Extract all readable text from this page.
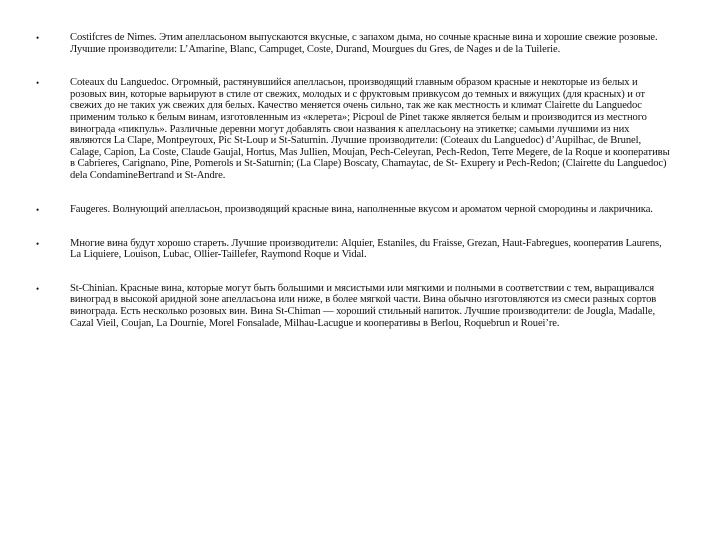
•	Costifcres de Nimes. Этим апелласьоном выпускаются вкусные, с запахом дыма, но сочные красные вина и хорошие свежие розовые. Лучшие производители: L’Amarine, Blanc, Campuget, Coste, Durand, Mourgues du Gres, de Nages и de la Tuilerie.
•	Coteaux du Languedoc. Огромный, растянувшийся апелласьон, производящий главным образом красные и некоторые из белых и розовых вин, которые варьируют в стиле от свежих, молодых и с фруктовым привкусом до темных и вяжущих (для красных) и от свежих до не таких уж свежих для белых. Качество меняется очень сильно, так же как местность и климат Clairette du Languedoc применим только к белым винам, изготовленным из «клерета»; Picpoul de Pinet также является белым и производится из местного винограда «пикпуль». Различные деревни могут добавлять свои названия к апелласьону на этикетке; самыми лучшими из них являются La Clape, Montpeyroux, Pic St-Loup и St-Saturnin. Лучшие производители: (Coteaux du Languedoc) d’Aupilhac, de Brunel, Calage, Capion, La Coste, Claude Gaujal, Hortus, Mas Jullien, Moujan, Pech-Celeyran, Pech-Redon, Terre Megere, de la Roque и кооперативы в Cabrieres, Carignano, Pine, Pomerols и St-Saturnin; (La Clape) Boscaty, Chamaytac, de St- Exupery и Pech-Redon; (Clairette du Languedoc) dela CondamineBertrand и St-Andre.
•	Faugeres. Волнующий апелласьон, производящий красные вина, наполненные вкусом и ароматом черной смородины и лакричника.
•	Многие вина будут хорошо стареть. Лучшие производители: Alquier, Estaniles, du Fraisse, Grezan, Haut-Fabregues, кооператив Laurens, La Liquiere, Louison, Lubac, Ollier-Taillefer, Raymond Roque и Vidal.
•	St-Chinian. Красные вина, которые могут быть большими и мясистыми или мягкими и полными в соответствии с тем, выращивался виноград в высокой аридной зоне апелласьона или ниже, в более мягкой части. Вина обычно изготовляются из смеси разных сортов винограда. Есть несколько розовых вин. Вина St-Chiman — хороший стильный напиток. Лучшие производители: de Jougla, Madalle, Cazal Vieil, Coujan, La Dournie, Morel Fonsalade, Milhau-Lacugue и кооперативы в Berlou, Roquebrun и Rouei’re.
